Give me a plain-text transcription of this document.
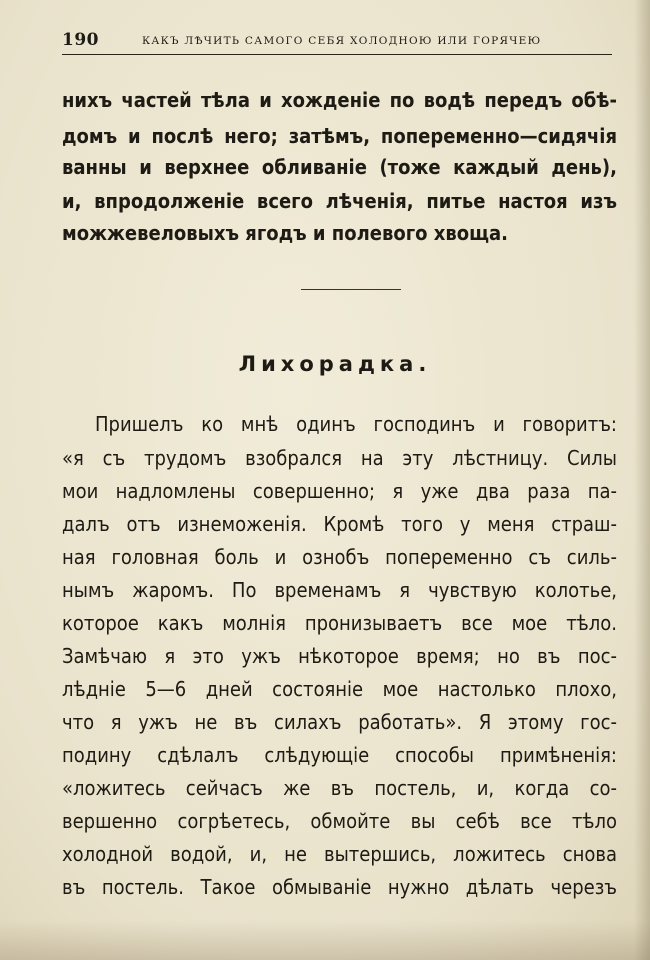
190	КАКЪ ЛѢЧИТЬ САМОГО СЕБЯ ХОЛОДНОЮ ИЛИ ГОРЯЧЕЮ
нихъ частей тѣла и хожденіе по водѣ передъ обѣ-
домъ и послѣ него; затѣмъ, попеременно—сидячія
ванны и верхнее обливаніе (тоже каждый день),
и, впродолженіе всего лѣченія, питье настоя изъ
можжевеловыхъ ягодъ и полевого хвоща.
Лихорадка.
Пришелъ ко мнѣ одинъ господинъ и говоритъ:
«я съ трудомъ взобрался на эту лѣстницу. Силы
мои надломлены совершенно; я уже два раза па-
далъ отъ изнеможенія. Кромѣ того у меня страш-
ная головная боль и ознобъ попеременно съ силь-
нымъ жаромъ. По временамъ я чувствую колотье,
которое какъ молнія пронизываетъ все мое тѣло.
Замѣчаю я это ужъ нѣкоторое время; но въ пос-
лѣдніе 5—6 дней состояніе мое настолько плохо,
что я ужъ не въ силахъ работать». Я этому гос-
подину сдѣлалъ слѣдующіе способы примѣненія:
«ложитесь сейчасъ же въ постель, и, когда со-
вершенно согрѣетесь, обмойте вы себѣ все тѣло
холодной водой, и, не вытершись, ложитесь снова
въ постель. Такое обмываніе нужно дѣлать черезъ
